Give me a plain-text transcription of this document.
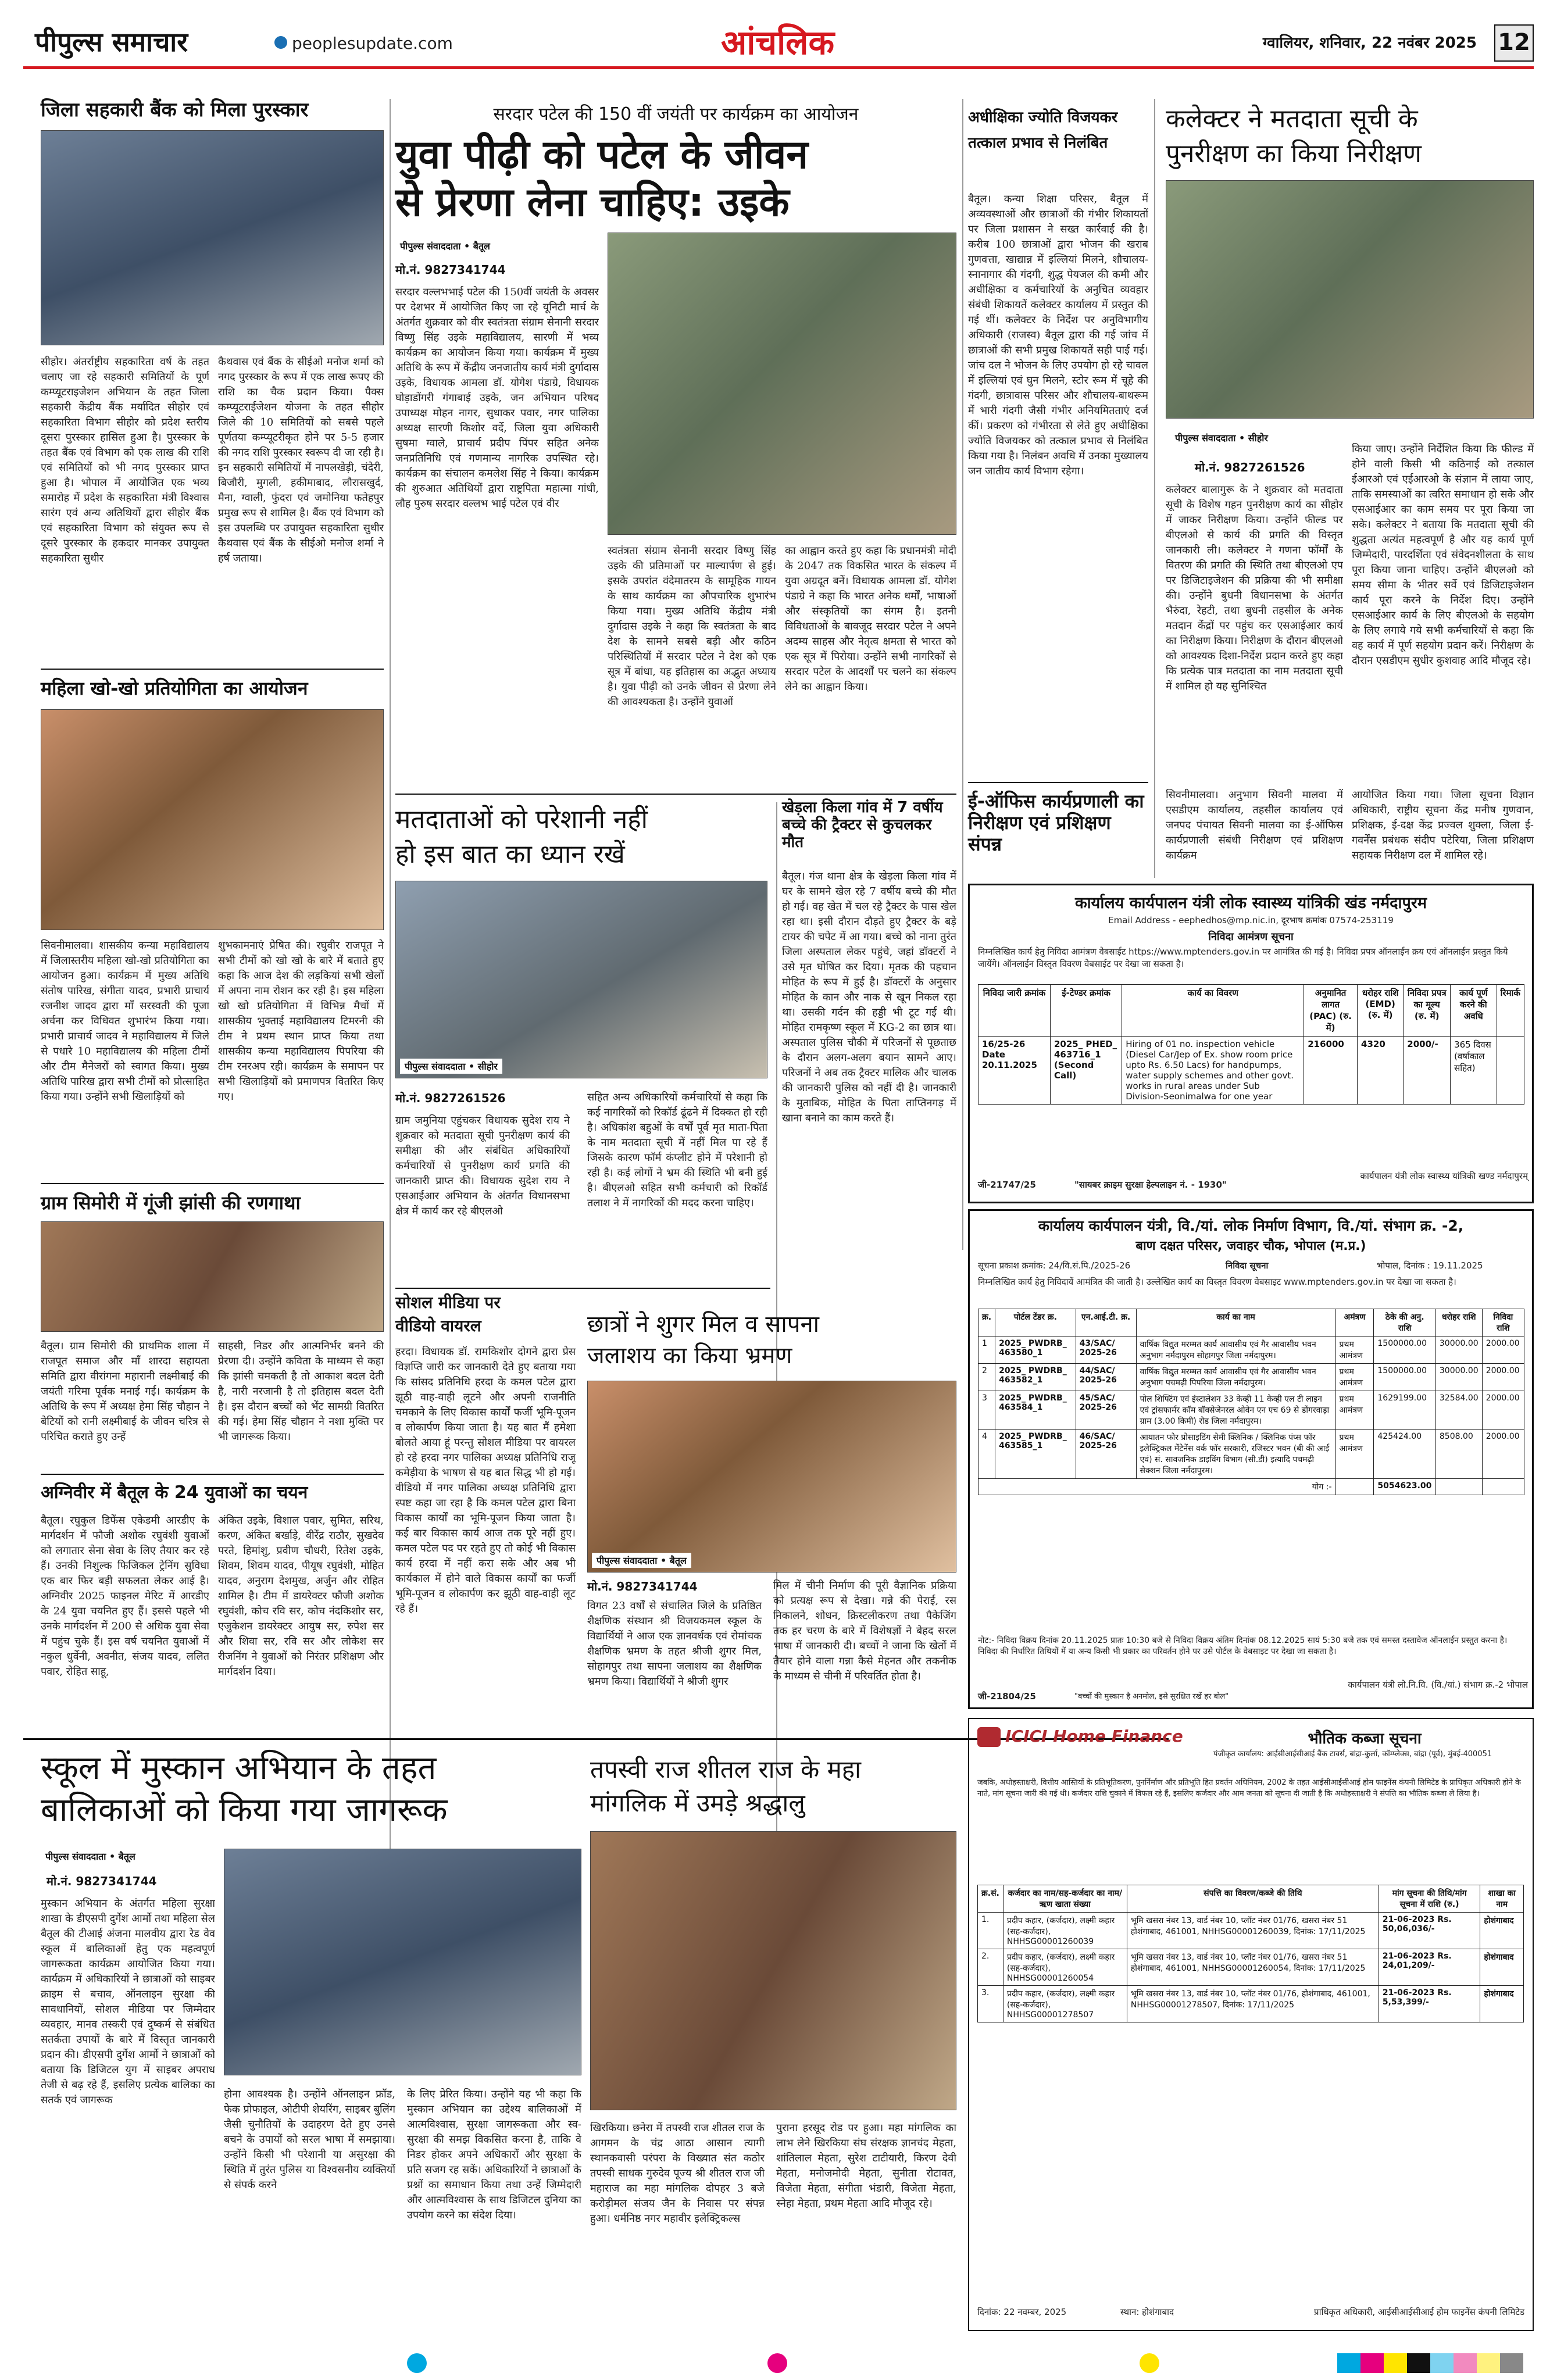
पीपुल्स समाचार	peoplesupdate.com	आंचलिक	ग्वालियर, शनिवार, 22 नवंबर 2025 12
जिला सहकारी बैंक को मिला पुरस्कार
सीहोर। अंतर्राष्ट्रीय सहकारिता वर्ष के तहत चलाए जा रहे सहकारी समितियों के पूर्ण कम्प्यूटराइजेशन अभियान के तहत जिला सहकारी केंद्रीय बैंक मर्यादित सीहोर एवं सहकारिता विभाग सीहोर को प्रदेश स्तरीय दूसरा पुरस्कार हासिल हुआ है। पुरस्कार के तहत बैंक एवं विभाग को एक लाख की राशि एवं समितियों को भी नगद पुरस्कार प्राप्त हुआ है। भोपाल में आयोजित एक भव्य समारोह में प्रदेश के सहकारिता मंत्री विश्वास सारंग एवं अन्य अतिथियों द्वारा सीहोर बैंक एवं सहकारिता विभाग को संयुक्त रूप से दूसरे पुरस्कार के हकदार मानकर उपायुक्त सहकारिता सुधीर
कैथवास एवं बैंक के सीईओ मनोज शर्मा को नगद पुरस्कार के रूप में एक लाख रूपए की राशि का चैक प्रदान किया। पैक्स कम्प्यूटराईजेशन योजना के तहत सीहोर जिले की 10 समितियों को सबसे पहले पूर्णतया कम्प्यूटरीकृत होने पर 5-5 हजार की नगद राशि पुरस्कार स्वरूप दी जा रही है। इन सहकारी समितियों में नापलखेड़ी, चंदेरी, बिजौरी, मुगली, हकीमाबाद, लौरासखुर्द, मैना, ग्वाली, फुंदरा एवं जमोनिया फतेहपुर प्रमुख रूप से शामिल है। बैंक एवं विभाग को इस उपलब्धि पर उपायुक्त सहकारिता सुधीर कैथवास एवं बैंक के सीईओ मनोज शर्मा ने हर्ष जताया।
महिला खो-खो प्रतियोगिता का आयोजन
सिवनीमालवा। शासकीय कन्या महाविद्यालय में जिलास्तरीय महिला खो-खो प्रतियोगिता का आयोजन हुआ। कार्यक्रम में मुख्य अतिथि संतोष पारिख, संगीता यादव, प्रभारी प्राचार्य रजनीश जादव द्वारा माँ सरस्वती की पूजा अर्चना कर विधिवत शुभारंभ किया गया। प्रभारी प्राचार्य जादव ने महाविद्यालय में जिले से पधारे 10 महाविद्यालय की महिला टीमों और टीम मैनेजरों को स्वागत किया। मुख्य अतिथि पारिख द्वारा सभी टीमों को प्रोत्साहित किया गया। उन्होंने सभी खिलाड़ियों को
शुभकामनाएं प्रेषित की। रघुवीर राजपूत ने सभी टीमों को खो खो के बारे में बताते हुए कहा कि आज देश की लड़कियां सभी खेलों में अपना नाम रोशन कर रही है। इस महिला खो खो प्रतियोगिता में विभिन्न मैचों में शासकीय भुक्ताई महाविद्यालय टिमरनी की टीम ने प्रथम स्थान प्राप्त किया तथा शासकीय कन्या महाविद्यालय पिपरिया की टीम रनरअप रही। कार्यक्रम के समापन पर सभी खिलाड़ियों को प्रमाणपत्र वितरित किए गए।
ग्राम सिमोरी में गूंजी झांसी की रणगाथा
बैतूल। ग्राम सिमोरी की प्राथमिक शाला में राजपूत समाज और माँ शारदा सहायता समिति द्वारा वीरांगना महारानी लक्ष्मीबाई की जयंती गरिमा पूर्वक मनाई गई। कार्यक्रम के अतिथि के रूप में अध्यक्ष हेमा सिंह चौहान ने बेटियों को रानी लक्ष्मीबाई के जीवन चरित्र से परिचित कराते हुए उन्हें
साहसी, निडर और आत्मनिर्भर बनने की प्रेरणा दी। उन्होंने कविता के माध्यम से कहा कि झांसी चमकती है तो आकाश बदल देती है, नारी नरजानी है तो इतिहास बदल देती है। इस दौरान बच्चों को भेंट सामग्री वितरित की गई। हेमा सिंह चौहान ने नशा मुक्ति पर भी जागरूक किया।
अग्निवीर में बैतूल के 24 युवाओं का चयन
बैतूल। रघुकुल डिफेंस एकेडमी आरडीए के मार्गदर्शन में फौजी अशोक रघुवंशी युवाओं को लगातार सेना सेवा के लिए तैयार कर रहे हैं। उनकी निशुल्क फिजिकल ट्रेनिंग सुविधा एक बार फिर बड़ी सफलता लेकर आई है। अग्निवीर 2025 फाइनल मेरिट में आरडीए के 24 युवा चयनित हुए हैं। इससे पहले भी उनके मार्गदर्शन में 200 से अधिक युवा सेवा में पहुंच चुके हैं। इस वर्ष चयनित युवाओं में नकुल धुर्वेनी, अवनीत, संजय यादव, ललित पवार, रोहित साहू,
अंकित उइके, विशाल पवार, सुमित, सरिथ, करण, अंकित बर्खाड़े, वीरेंद्र राठौर, सुखदेव परते, हिमांशु, प्रवीण चौधरी, रितेश उइके, शिवम, शिवम यादव, पीयूष रघुवंशी, मोहित यादव, अनुराग देशमुख, अर्जुन और रोहित शामिल है। टीम में डायरेक्टर फौजी अशोक रघुवंशी, कोच रवि सर, कोच नंदकिशोर सर, एजुकेशन डायरेक्टर आयुष सर, रुपेश सर और शिवा सर, रवि सर और लोकेश सर रीजनिंग ने युवाओं को निरंतर प्रशिक्षण और मार्गदर्शन दिया।
सरदार पटेल की 150 वीं जयंती पर कार्यक्रम का आयोजन
युवा पीढ़ी को पटेल के जीवन
से प्रेरणा लेना चाहिए: उइके
पीपुल्स संवाददाता • बैतूल
मो.नं. 9827341744
सरदार वल्लभभाई पटेल की 150वीं जयंती के अवसर पर देशभर में आयोजित किए जा रहे यूनिटी मार्च के अंतर्गत शुक्रवार को वीर स्वतंत्रता संग्राम सेनानी सरदार विष्णु सिंह उइके महाविद्यालय, सारणी में भव्य कार्यक्रम का आयोजन किया गया। कार्यक्रम में मुख्य अतिथि के रूप में केंद्रीय जनजातीय कार्य मंत्री दुर्गादास उइके, विधायक आमला डॉ. योगेश पंडाग्रे, विधायक घोड़ाडोंगरी गंगाबाई उइके, जन अभियान परिषद उपाध्यक्ष मोहन नागर, सुधाकर पवार, नगर पालिका अध्यक्ष सारणी किशोर वर्दे, जिला युवा अधिकारी सुषमा ग्वाले, प्राचार्य प्रदीप पिंपर सहित अनेक जनप्रतिनिधि एवं गणमान्य नागरिक उपस्थित रहे। कार्यक्रम का संचालन कमलेश सिंह ने किया। कार्यक्रम की शुरुआत अतिथियों द्वारा राष्ट्रपिता महात्मा गांधी, लौह पुरुष सरदार वल्लभ भाई पटेल एवं वीर
स्वतंत्रता संग्राम सेनानी सरदार विष्णु सिंह उइके की प्रतिमाओं पर माल्यार्पण से हुई। इसके उपरांत वंदेमातरम के सामूहिक गायन के साथ कार्यक्रम का औपचारिक शुभारंभ किया गया। मुख्य अतिथि केंद्रीय मंत्री दुर्गादास उइके ने कहा कि स्वतंत्रता के बाद देश के सामने सबसे बड़ी और कठिन परिस्थितियों में सरदार पटेल ने देश को एक सूत्र में बांधा, यह इतिहास का अद्भुत अध्याय है। युवा पीढ़ी को उनके जीवन से प्रेरणा लेने की आवश्यकता है। उन्होंने युवाओं
का आह्वान करते हुए कहा कि प्रधानमंत्री मोदी के 2047 तक विकसित भारत के संकल्प में युवा अग्रदूत बनें। विधायक आमला डॉ. योगेश पंडाग्रे ने कहा कि भारत अनेक धर्मों, भाषाओं और संस्कृतियों का संगम है। इतनी विविधताओं के बावजूद सरदार पटेल ने अपने अदम्य साहस और नेतृत्व क्षमता से भारत को एक सूत्र में पिरोया। उन्होंने सभी नागरिकों से सरदार पटेल के आदर्शों पर चलने का संकल्प लेने का आह्वान किया।
मतदाताओं को परेशानी नहीं
हो इस बात का ध्यान रखें
पीपुल्स संवाददाता • सीहोर
मो.नं. 9827261526
ग्राम जमुनिया एहुंचकर विधायक सुदेश राय ने शुक्रवार को मतदाता सूची पुनरीक्षण कार्य की समीक्षा की और संबंधित अधिकारियों कर्मचारियों से पुनरीक्षण कार्य प्रगति की जानकारी प्राप्त की। विधायक सुदेश राय ने एसआईआर अभियान के अंतर्गत विधानसभा क्षेत्र में कार्य कर रहे बीएलओ
सहित अन्य अधिकारियों कर्मचारियों से कहा कि कई नागरिकों को रिकॉर्ड ढूंढने में दिक्कत हो रही है। अधिकांश बहुओं के वर्षों पूर्व मृत माता-पिता के नाम मतदाता सूची में नहीं मिल पा रहे हैं जिसके कारण फॉर्म कंप्लीट होने में परेशानी हो रही है। कई लोगों ने भ्रम की स्थिति भी बनी हुई है। बीएलओ सहित सभी कर्मचारी को रिकॉर्ड तलाश ने में नागरिकों की मदद करना चाहिए।
खेड़ला किला गांव में 7 वर्षीय बच्चे की ट्रैक्टर से कुचलकर मौत
बैतूल। गंज थाना क्षेत्र के खेड़ला किला गांव में घर के सामने खेल रहे 7 वर्षीय बच्चे की मौत हो गई। वह खेत में चल रहे ट्रैक्टर के पास खेल रहा था। इसी दौरान दौड़ते हुए ट्रैक्टर के बड़े टायर की चपेट में आ गया। बच्चे को नाना तुरंत जिला अस्पताल लेकर पहुंचे, जहां डॉक्टरों ने उसे मृत घोषित कर दिया। मृतक की पहचान मोहित के रूप में हुई है। डॉक्टरों के अनुसार मोहित के कान और नाक से खून निकल रहा था। उसकी गर्दन की हड्डी भी टूट गई थी। मोहित रामकृष्ण स्कूल में KG-2 का छात्र था। अस्पताल पुलिस चौकी में परिजनों से पूछताछ के दौरान अलग-अलग बयान सामने आए। परिजनों ने अब तक ट्रैक्टर मालिक और चालक की जानकारी पुलिस को नहीं दी है। जानकारी के मुताबिक, मोहित के पिता ताप्तिनगड़ में खाना बनाने का काम करते हैं।
सोशल मीडिया पर
वीडियो वायरल
हरदा। विधायक डॉ. रामकिशोर दोगने द्वारा प्रेस विज्ञप्ति जारी कर जानकारी देते हुए बताया गया कि सांसद प्रतिनिधि हरदा के कमल पटेल द्वारा झूठी वाह-वाही लूटने और अपनी राजनीति चमकाने के लिए विकास कार्यों फर्जी भूमि-पूजन व लोकार्पण किया जाता है। यह बात मैं हमेशा बोलते आया हूं परन्तु सोशल मीडिया पर वायरल हो रहे हरदा नगर पालिका अध्यक्ष प्रतिनिधि राजू कमेड़ीया के भाषण से यह बात सिद्ध भी हो गई। वीडियो में नगर पालिका अध्यक्ष प्रतिनिधि द्वारा स्पष्ट कहा जा रहा है कि कमल पटेल द्वारा बिना विकास कार्यों का भूमि-पूजन किया जाता है। कई बार विकास कार्य आज तक पूरे नहीं हुए। कमल पटेल पद पर रहते हुए तो कोई भी विकास कार्य हरदा में नहीं करा सके और अब भी कार्यकाल में होने वाले विकास कार्यों का फर्जी भूमि-पूजन व लोकार्पण कर झूठी वाह-वाही लूट रहे हैं।
छात्रों ने शुगर मिल व सापना
जलाशय का किया भ्रमण
पीपुल्स संवाददाता • बैतूल
मो.नं. 9827341744
विगत 23 वर्षों से संचालित जिले के प्रतिष्ठित शैक्षणिक संस्थान श्री विजयकमल स्कूल के विद्यार्थियों ने आज एक ज्ञानवर्धक एवं रोमांचक शैक्षणिक भ्रमण के तहत श्रीजी शुगर मिल, सोहागपुर तथा सापना जलाशय का शैक्षणिक भ्रमण किया। विद्यार्थियों ने श्रीजी शुगर
मिल में चीनी निर्माण की पूरी वैज्ञानिक प्रक्रिया को प्रत्यक्ष रूप से देखा। गन्ने की पेराई, रस निकालने, शोधन, क्रिस्टलीकरण तथा पैकेजिंग तक हर चरण के बारे में विशेषज्ञों ने बेहद सरल भाषा में जानकारी दी। बच्चों ने जाना कि खेतों में तैयार होने वाला गन्ना कैसे मेहनत और तकनीक के माध्यम से चीनी में परिवर्तित होता है।
अधीक्षिका ज्योति विजयकर तत्काल प्रभाव से निलंबित
बैतूल। कन्या शिक्षा परिसर, बैतूल में अव्यवस्थाओं और छात्राओं की गंभीर शिकायतों पर जिला प्रशासन ने सख्त कार्रवाई की है। करीब 100 छात्राओं द्वारा भोजन की खराब गुणवत्ता, खाद्यान्न में इल्लियां मिलने, शौचालय-स्नानागार की गंदगी, शुद्ध पेयजल की कमी और अधीक्षिका व कर्मचारियों के अनुचित व्यवहार संबंधी शिकायतें कलेक्टर कार्यालय में प्रस्तुत की गई थीं। कलेक्टर के निर्देश पर अनुविभागीय अधिकारी (राजस्व) बैतूल द्वारा की गई जांच में छात्राओं की सभी प्रमुख शिकायतें सही पाई गई। जांच दल ने भोजन के लिए उपयोग हो रहे चावल में इल्लियां एवं घुन मिलने, स्टोर रूम में चूहे की गंदगी, छात्रावास परिसर और शौचालय-बाथरूम में भारी गंदगी जैसी गंभीर अनियमितताएं दर्ज कीं। प्रकरण को गंभीरता से लेते हुए अधीक्षिका ज्योति विजयकर को तत्काल प्रभाव से निलंबित किया गया है। निलंबन अवधि में उनका मुख्यालय जन जातीय कार्य विभाग रहेगा।
ई-ऑफिस कार्यप्रणाली का निरीक्षण एवं प्रशिक्षण संपन्न
कलेक्टर ने मतदाता सूची के
पुनरीक्षण का किया निरीक्षण
पीपुल्स संवाददाता • सीहोर
मो.नं. 9827261526
कलेक्टर बालागुरू के ने शुक्रवार को मतदाता सूची के विशेष गहन पुनरीक्षण कार्य का सीहोर में जाकर निरीक्षण किया। उन्होंने फील्ड पर बीएलओ से कार्य की प्रगति की विस्तृत जानकारी ली। कलेक्टर ने गणना फॉर्मों के वितरण की प्रगति की स्थिति तथा बीएलओ एप पर डिजिटाइजेशन की प्रक्रिया की भी समीक्षा की। उन्होंने बुधनी विधानसभा के अंतर्गत भैरुंदा, रेहटी, तथा बुधनी तहसील के अनेक मतदान केंद्रों पर पहुंच कर एसआईआर कार्य का निरीक्षण किया। निरीक्षण के दौरान बीएलओ को आवश्यक दिशा-निर्देश प्रदान करते हुए कहा कि प्रत्येक पात्र मतदाता का नाम मतदाता सूची में शामिल हो यह सुनिश्चित
किया जाए। उन्होंने निर्देशित किया कि फील्ड में होने वाली किसी भी कठिनाई को तत्काल ईआरओ एवं एईआरओ के संज्ञान में लाया जाए, ताकि समस्याओं का त्वरित समाधान हो सके और एसआईआर का काम समय पर पूरा किया जा सके। कलेक्टर ने बताया कि मतदाता सूची की शुद्धता अत्यंत महत्वपूर्ण है और यह कार्य पूर्ण जिम्मेदारी, पारदर्शिता एवं संवेदनशीलता के साथ पूरा किया जाना चाहिए। उन्होंने बीएलओ को समय सीमा के भीतर सर्वे एवं डिजिटाइजेशन कार्य पूरा करने के निर्देश दिए। उन्होंने एसआईआर कार्य के लिए बीएलओ के सहयोग के लिए लगाये गये सभी कर्मचारियों से कहा कि वह कार्य में पूर्ण सहयोग प्रदान करें। निरीक्षण के दौरान एसडीएम सुधीर कुशवाह आदि मौजूद रहे।
सिवनीमालवा। अनुभाग सिवनी मालवा में एसडीएम कार्यालय, तहसील कार्यालय एवं जनपद पंचायत सिवनी मालवा का ई-ऑफिस कार्यप्रणाली संबंधी निरीक्षण एवं प्रशिक्षण कार्यक्रम
आयोजित किया गया। जिला सूचना विज्ञान अधिकारी, राष्ट्रीय सूचना केंद्र मनीष गुणवान, प्रशिक्षक, ई-दक्ष केंद्र प्रज्वल शुक्ला, जिला ई-गवर्नेंस प्रबंधक संदीप पटेरिया, जिला प्रशिक्षण सहायक निरीक्षण दल में शामिल रहे।
कार्यालय कार्यपालन यंत्री लोक स्वास्थ्य यांत्रिकी खंड नर्मदापुरम
Email Address - eephedhos@mp.nic.in, दूरभाष क्रमांक 07574-253119
निविदा आमंत्रण सूचना
निम्नलिखित कार्य हेतु निविदा आमंत्रण वेबसाईट https://www.mptenders.gov.in पर आमंत्रित की गई है। निविदा प्रपत्र ऑनलाईन क्रय एवं ऑनलाईन प्रस्तुत किये जायेंगे। ऑनलाईन विस्तृत विवरण वेबसाईट पर देखा जा सकता है।
निविदा जारी क्रमांक	ई-टेण्डर क्रमांक	कार्य का विवरण	अनुमानित लागत (PAC) (रु. में)	धरोहर राशि (EMD) (रु. में)	निविदा प्रपत्र का मूल्य (रु. में)	कार्य पूर्ण करने की अवधि	रिमार्क
16/25-26 Date 20.11.2025	2025_ PHED_ 463716_1 (Second Call)	Hiring of 01 no. inspection vehicle (Diesel Car/Jep of Ex. show room price upto Rs. 6.50 Lacs) for handpumps, water supply schemes and other govt. works in rural areas under Sub Division-Seonimalwa for one year	216000	4320	2000/-	365 दिवस (वर्षाकाल सहित)	
जी-21747/25	"सायबर क्राइम सुरक्षा हेल्पलाइन नं. - 1930"
कार्यपालन यंत्री लोक स्वास्थ्य यांत्रिकी खण्ड नर्मदापुरम्
कार्यालय कार्यपालन यंत्री, वि./यां. लोक निर्माण विभाग, वि./यां. संभाग क्र. -2,
बाण दक्षत परिसर, जवाहर चौक, भोपाल (म.प्र.)
सूचना प्रकाश क्रमांक: 24/वि.सं.पि./2025-26	निविदा सूचना	भोपाल, दिनांक : 19.11.2025
निम्नलिखित कार्य हेतु निविदायें आमंत्रित की जाती है। उल्लेखित कार्य का विस्तृत विवरण वेबसाइट www.mptenders.gov.in पर देखा जा सकता है।
क्र.	पोर्टल टेंडर क्र.	एन.आई.टी. क्र.	कार्य का नाम	अमंत्रण	ठेके की अनु. राशि	धरोहर राशि	निविदा राशि
1	2025_ PWDRB_ 463580_1	43/SAC/ 2025-26	वार्षिक विद्युत मरम्मत कार्य आवासीय एवं गैर आवासीय भवन अनुभाग नर्मदापुरम सोहागपुर जिला नर्मदापुरम।	प्रथम आमंत्रण	1500000.00	30000.00	2000.00
2	2025_ PWDRB_ 463582_1	44/SAC/ 2025-26	वार्षिक विद्युत मरम्मत कार्य आवासीय एवं गैर आवासीय भवन अनुभाग पचमढ़ी पिपरिया जिला नर्मदापुरम।	प्रथम आमंत्रण	1500000.00	30000.00	2000.00
3	2025_ PWDRB_ 463584_1	45/SAC/ 2025-26	पोल शिफ्टिंग एवं इंस्टालेशन 33 केव्ही 11 केव्ही एल टी लाइन एवं ट्रांसफार्मर कॉम बॉक्सेजेनरल ओवेन एन एच 69 से डोंगरवाड़ा ग्राम (3.00 किमी) रोड जिला नर्मदापुरम।	प्रथम आमंत्रण	1629199.00	32584.00	2000.00
4	2025_ PWDRB_ 463585_1	46/SAC/ 2025-26	आयातन फोर प्रोसाइडिंग सेमी क्लिनिक / क्लिनिक पंप्स फॉर इलेक्ट्रिकल मेंटेनेंस वर्क फॉर सरकारी, रजिस्टर भवन (बी की आई एवं) सं. सावजनिक डाइविंग विभाग (सी.डी) इत्यादि पचमढ़ी सेक्शन जिला नर्मदापुरम।	प्रथम आमंत्रण	425424.00	8508.00	2000.00
योग :-					5054623.00		
नोट:- निविदा विक्रय दिनांक 20.11.2025 प्रातः 10:30 बजे से निविदा विक्रय अंतिम दिनांक 08.12.2025 सायं 5:30 बजे तक एवं समस्त दस्तावेज ऑनलाईन प्रस्तुत करना है। निविदा की निर्धारित तिथियों में या अन्य किसी भी प्रकार का परिवर्तन होने पर उसे पोर्टल के वेबसाइट पर देखा जा सकता है।
जी-21804/25	"बच्चों की मुस्कान है अनमोल, इसे सुरक्षित रखें हर बोल"
कार्यपालन यंत्री लो.नि.वि. (वि./यां.) संभाग क्र.-2 भोपाल
स्कूल में मुस्कान अभियान के तहत
बालिकाओं को किया गया जागरूक
पीपुल्स संवाददाता • बैतूल
मो.नं. 9827341744
मुस्कान अभियान के अंतर्गत महिला सुरक्षा शाखा के डीएसपी दुर्गेश आर्मो तथा महिला सेल बैतूल की टीआई अंजना मालवीय द्वारा रेड वेव स्कूल में बालिकाओं हेतु एक महत्वपूर्ण जागरूकता कार्यक्रम आयोजित किया गया। कार्यक्रम में अधिकारियों ने छात्राओं को साइबर क्राइम से बचाव, ऑनलाइन सुरक्षा की सावधानियों, सोशल मीडिया पर जिम्मेदार व्यवहार, मानव तस्करी एवं दुष्कर्म से संबंधित सतर्कता उपायों के बारे में विस्तृत जानकारी प्रदान की। डीएसपी दुर्गेश आर्मो ने छात्राओं को बताया कि डिजिटल युग में साइबर अपराध तेजी से बढ़ रहे हैं, इसलिए प्रत्येक बालिका का सतर्क एवं जागरूक	होना आवश्यक है। उन्होंने ऑनलाइन फ्रॉड, फेक प्रोफाइल, ओटीपी शेयरिंग, साइबर बुलिंग जैसी चुनौतियों के उदाहरण देते हुए उनसे बचने के उपायों को सरल भाषा में समझाया। उन्होंने किसी भी परेशानी या असुरक्षा की स्थिति में तुरंत पुलिस या विश्वसनीय व्यक्तियों से संपर्क करने
के लिए प्रेरित किया। उन्होंने यह भी कहा कि मुस्कान अभियान का उद्देश्य बालिकाओं में आत्मविश्वास, सुरक्षा जागरूकता और स्व-सुरक्षा की समझ विकसित करना है, ताकि वे निडर होकर अपने अधिकारों और सुरक्षा के प्रति सजग रह सकें। अधिकारियों ने छात्राओं के प्रश्नों का समाधान किया तथा उन्हें जिम्मेदारी और आत्मविश्वास के साथ डिजिटल दुनिया का उपयोग करने का संदेश दिया।
तपस्वी राज शीतल राज के महा
मांगलिक में उमड़े श्रद्धालु
खिरकिया। छनेरा में तपस्वी राज शीतल राज के आगमन के चंद्र आठा आसान त्यागी स्थानकवासी परंपरा के विख्यात संत कठोर तपस्वी साधक गुरुदेव पूज्य श्री शीतल राज जी महाराज का महा मांगलिक दोपहर 3 बजे करोड़ीमल संजय जैन के निवास पर संपन्न हुआ। धर्मनिष्ठ नगर महावीर इलेक्ट्रिकल्स
पुराना हरसूद रोड पर हुआ। महा मांगलिक का लाभ लेने खिरकिया संघ संरक्षक ज्ञानचंद मेहता, शांतिलाल मेहता, सुरेश टाटीयारी, किरण देवी मेहता, मनोजमोदी मेहता, सुनीता रोटावत, विजेता मेहता, संगीता भंडारी, विजेता मेहता, स्नेहा मेहता, प्रथम मेहता आदि मौजूद रहे।
ICICI Home Finance	भौतिक कब्जा सूचना
पंजीकृत कार्यालय: आईसीआईसीआई बैंक टावर्स, बांद्रा-कुर्ला, कॉम्प्लेक्स, बांद्रा (पूर्व), मुंबई-400051
जबकि, अधोहस्ताक्षरी, वित्तीय आस्तियों के प्रतिभूतिकरण, पुनर्निर्माण और प्रतिभूति हित प्रवर्तन अधिनियम, 2002 के तहत आईसीआईसीआई होम फाइनेंस कंपनी लिमिटेड के प्राधिकृत अधिकारी होने के नाते, मांग सूचना जारी की गई थी। कर्जदार राशि चुकाने में विफल रहे हैं, इसलिए कर्जदार और आम जनता को सूचना दी जाती है कि अधोहस्ताक्षरी ने संपत्ति का भौतिक कब्जा ले लिया है।
क्र.सं.	कर्जदार का नाम/सह-कर्जदार का नाम/ऋण खाता संख्या	संपत्ति का विवरण/कब्जे की तिथि	मांग सूचना की तिथि/मांग सूचना में राशि (रु.)	शाखा का नाम
1.	प्रदीप कहार, (कर्जदार), लक्ष्मी कहार (सह-कर्जदार), NHHSG00001260039	भूमि खसरा नंबर 13, वार्ड नंबर 10, प्लॉट नंबर 01/76, खसरा नंबर 51 होशंगाबाद, 461001, NHHSG00001260039, दिनांक: 17/11/2025	21-06-2023 Rs. 50,06,036/-	होशंगाबाद
2.	प्रदीप कहार, (कर्जदार), लक्ष्मी कहार (सह-कर्जदार), NHHSG00001260054	भूमि खसरा नंबर 13, वार्ड नंबर 10, प्लॉट नंबर 01/76, खसरा नंबर 51 होशंगाबाद, 461001, NHHSG00001260054, दिनांक: 17/11/2025	21-06-2023 Rs. 24,01,209/-	होशंगाबाद
3.	प्रदीप कहार, (कर्जदार), लक्ष्मी कहार (सह-कर्जदार), NHHSG00001278507	भूमि खसरा नंबर 13, वार्ड नंबर 10, प्लॉट नंबर 01/76, होशंगाबाद, 461001, NHHSG00001278507, दिनांक: 17/11/2025	21-06-2023 Rs. 5,53,399/-	होशंगाबाद
दिनांक: 22 नवम्बर, 2025	स्थान: होशंगाबाद	प्राधिकृत अधिकारी, आईसीआईसीआई होम फाइनेंस कंपनी लिमिटेड
